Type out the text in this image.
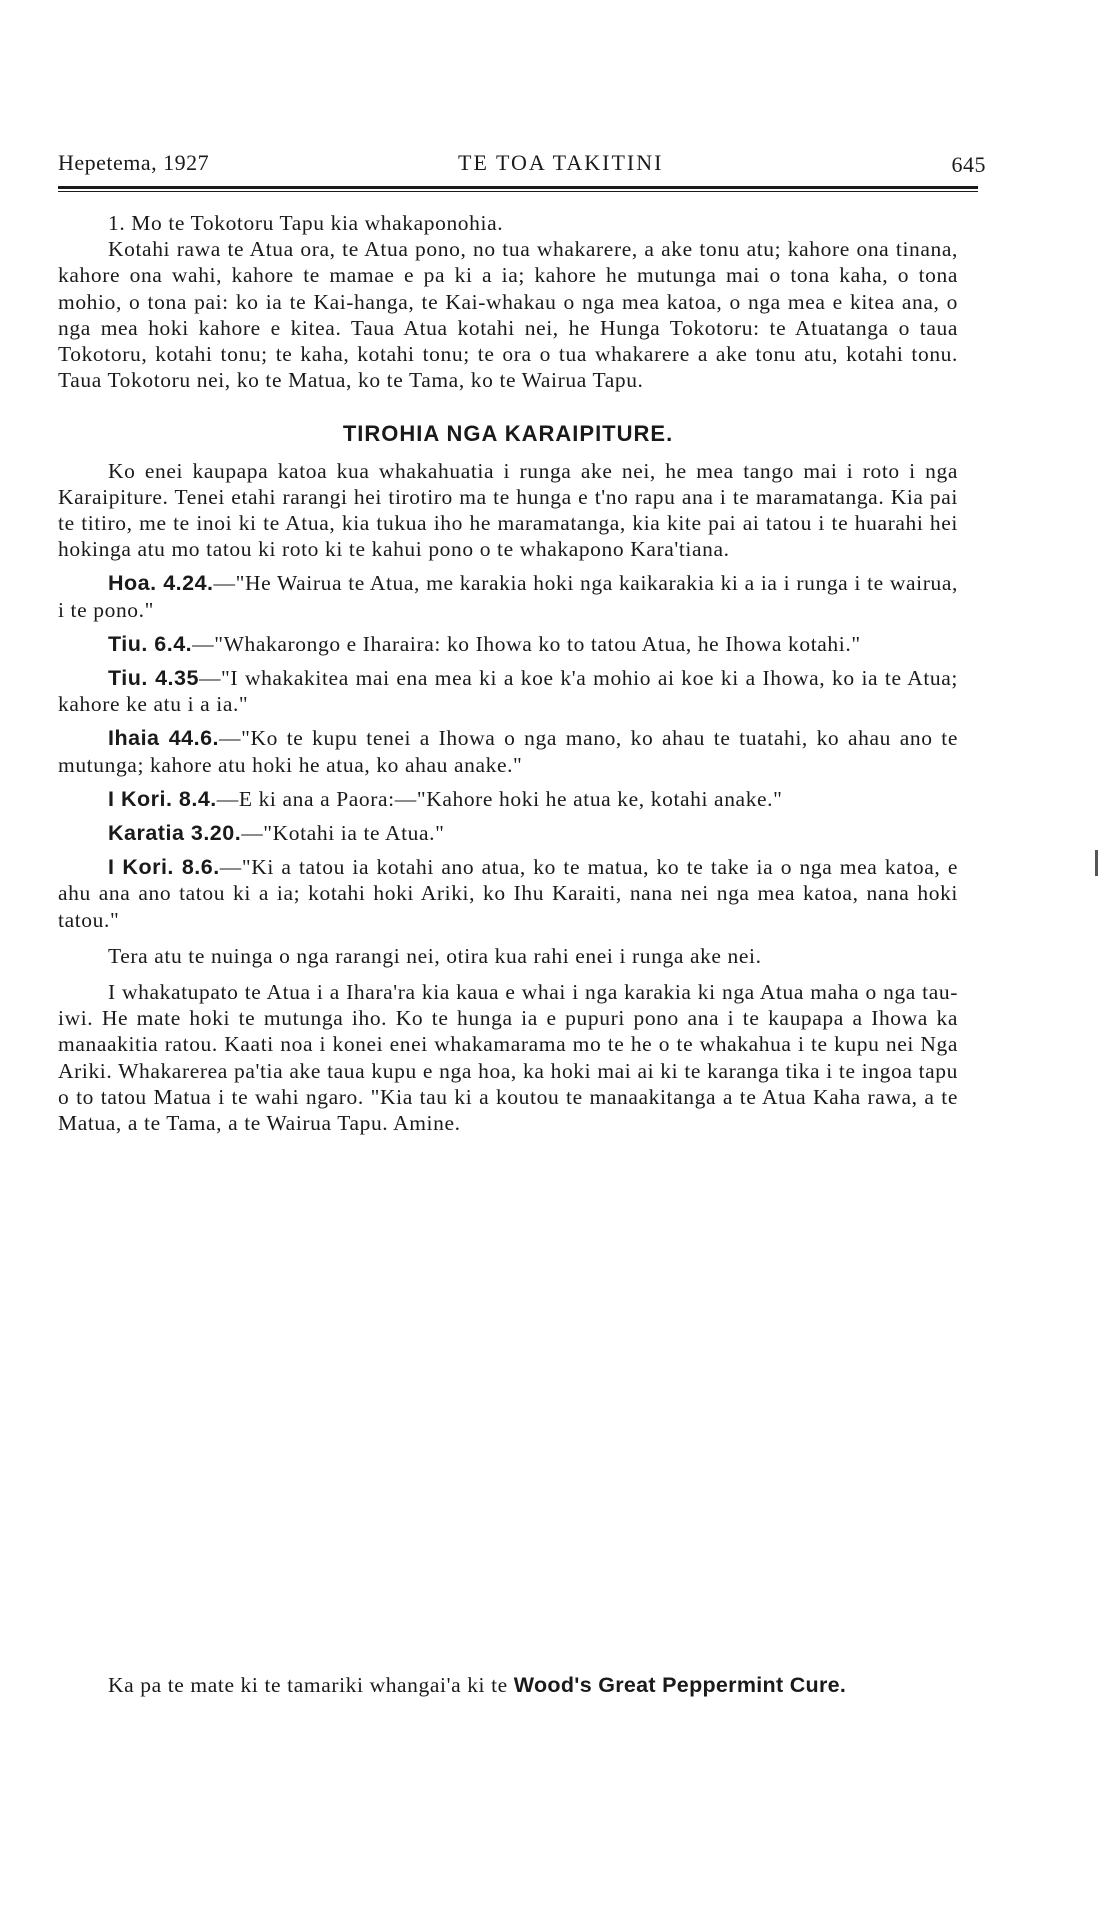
Hepetema, 1927	TE TOA TAKITINI	645

1. Mo te Tokotoru Tapu kia whakaponohia.

Kotahi rawa te Atua ora, te Atua pono, no tua whakarere, a ake tonu atu; kahore ona tinana, kahore ona wahi, kahore te mamae e pa ki a ia; kahore he mutunga mai o tona kaha, o tona mohio, o tona pai: ko ia te Kai-hanga, te Kai-whakau o nga mea katoa, o nga mea e kitea ana, o nga mea hoki kahore e kitea. Taua Atua kotahi nei, he Hunga Tokotoru: te Atuatanga o taua Tokotoru, kotahi tonu; te kaha, kotahi tonu; te ora o tua whakarere a ake tonu atu, kotahi tonu. Taua Tokotoru nei, ko te Matua, ko te Tama, ko te Wairua Tapu.

TIROHIA NGA KARAIPITURE.

Ko enei kaupapa katoa kua whakahuatia i runga ake nei, he mea tango mai i roto i nga Karaipiture. Tenei etahi rarangi hei tirotiro ma te hunga e t'no rapu ana i te maramatanga. Kia pai te titiro, me te inoi ki te Atua, kia tukua iho he maramatanga, kia kite pai ai tatou i te huarahi hei hokinga atu mo tatou ki roto ki te kahui pono o te whakapono Kara'tiana.

Hoa. 4.24.—"He Wairua te Atua, me karakia hoki nga kaikarakia ki a ia i runga i te wairua, i te pono."

Tiu. 6.4.—"Whakarongo e Iharaira: ko Ihowa ko to tatou Atua, he Ihowa kotahi."

Tiu. 4.35—"I whakakitea mai ena mea ki a koe k'a mohio ai koe ki a Ihowa, ko ia te Atua; kahore ke atu i a ia."

Ihaia 44.6.—"Ko te kupu tenei a Ihowa o nga mano, ko ahau te tuatahi, ko ahau ano te mutunga; kahore atu hoki he atua, ko ahau anake."

I Kori. 8.4.—E ki ana a Paora:—"Kahore hoki he atua ke, kotahi anake."

Karatia 3.20.—"Kotahi ia te Atua."

I Kori. 8.6.—"Ki a tatou ia kotahi ano atua, ko te matua, ko te take ia o nga mea katoa, e ahu ana ano tatou ki a ia; kotahi hoki Ariki, ko Ihu Karaiti, nana nei nga mea katoa, nana hoki tatou."

Tera atu te nuinga o nga rarangi nei, otira kua rahi enei i runga ake nei.

I whakatupato te Atua i a Ihara'ra kia kaua e whai i nga karakia ki nga Atua maha o nga tau-iwi. He mate hoki te mutunga iho. Ko te hunga ia e pupuri pono ana i te kaupapa a Ihowa ka manaakitia ratou. Kaati noa i konei enei whakamarama mo te he o te whakahua i te kupu nei Nga Ariki. Whakarerea pa'tia ake taua kupu e nga hoa, ka hoki mai ai ki te karanga tika i te ingoa tapu o to tatou Matua i te wahi ngaro. "Kia tau ki a koutou te manaakitanga a te Atua Kaha rawa, a te Matua, a te Tama, a te Wairua Tapu. Amine.

Ka pa te mate ki te tamariki whangai'a ki te Wood's Great Peppermint Cure.
